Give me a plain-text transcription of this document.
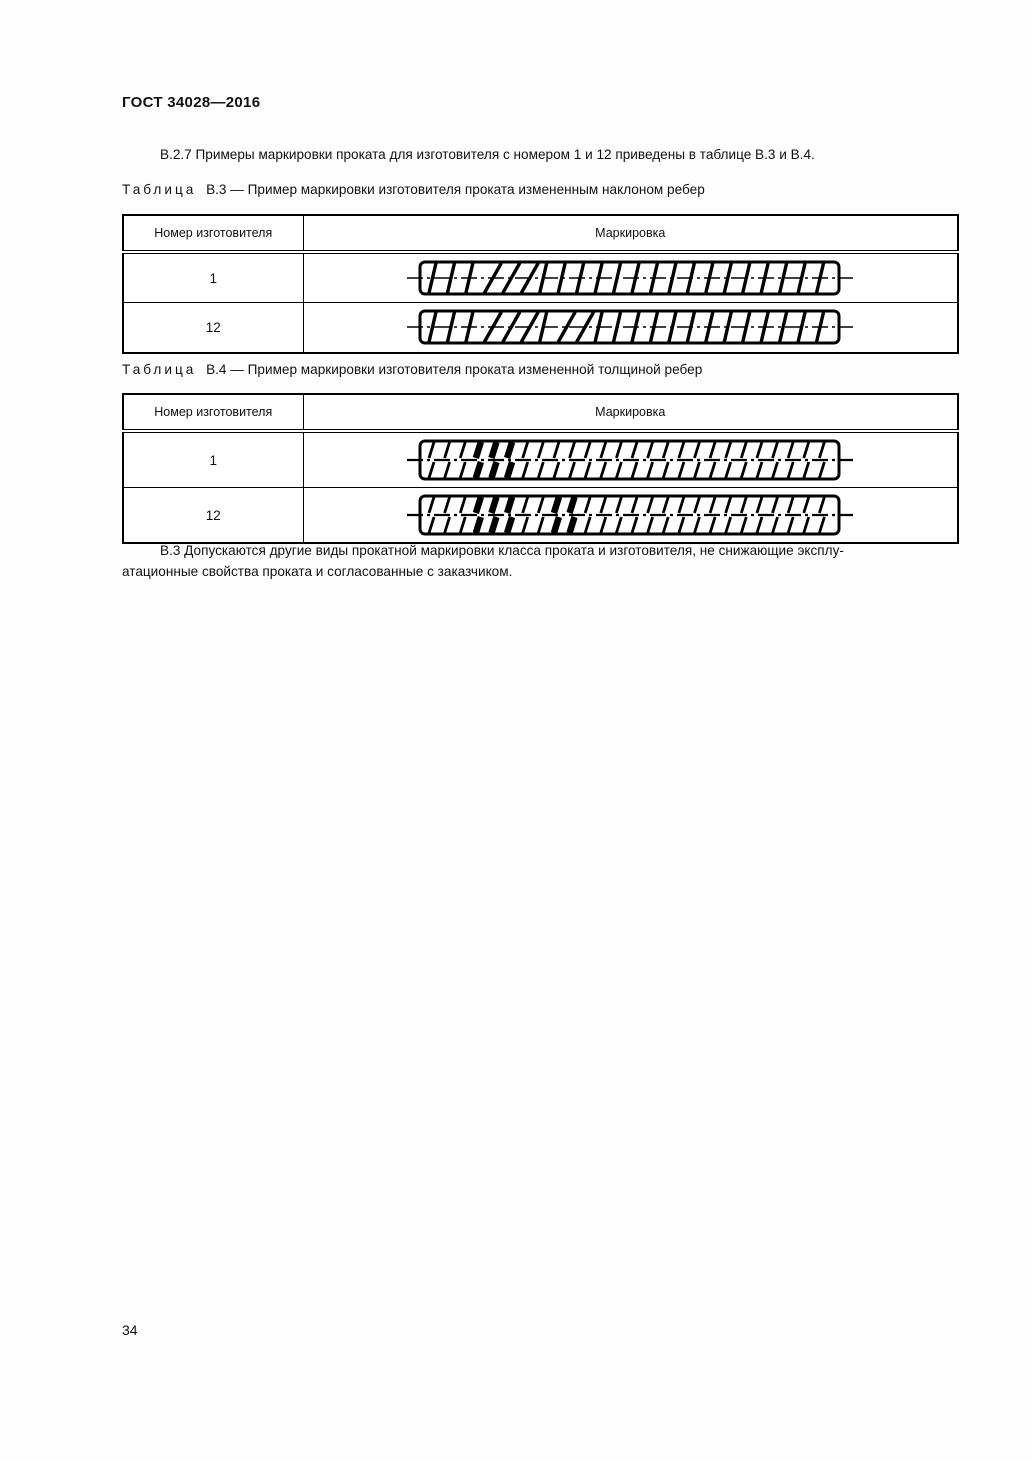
ГОСТ 34028—2016
В.2.7 Примеры маркировки проката для изготовителя с номером 1 и 12 приведены в таблице В.3 и В.4.
Таблица В.3 — Пример маркировки изготовителя проката измененным наклоном ребер
Номер изготовителя	Маркировка
1	

12	
Таблица В.4 — Пример маркировки изготовителя проката измененной толщиной ребер
Номер изготовителя	Маркировка
1	

12	
В.3 Допускаются другие виды прокатной маркировки класса проката и изготовителя, не снижающие эксплу-
атационные свойства проката и согласованные с заказчиком.
34
